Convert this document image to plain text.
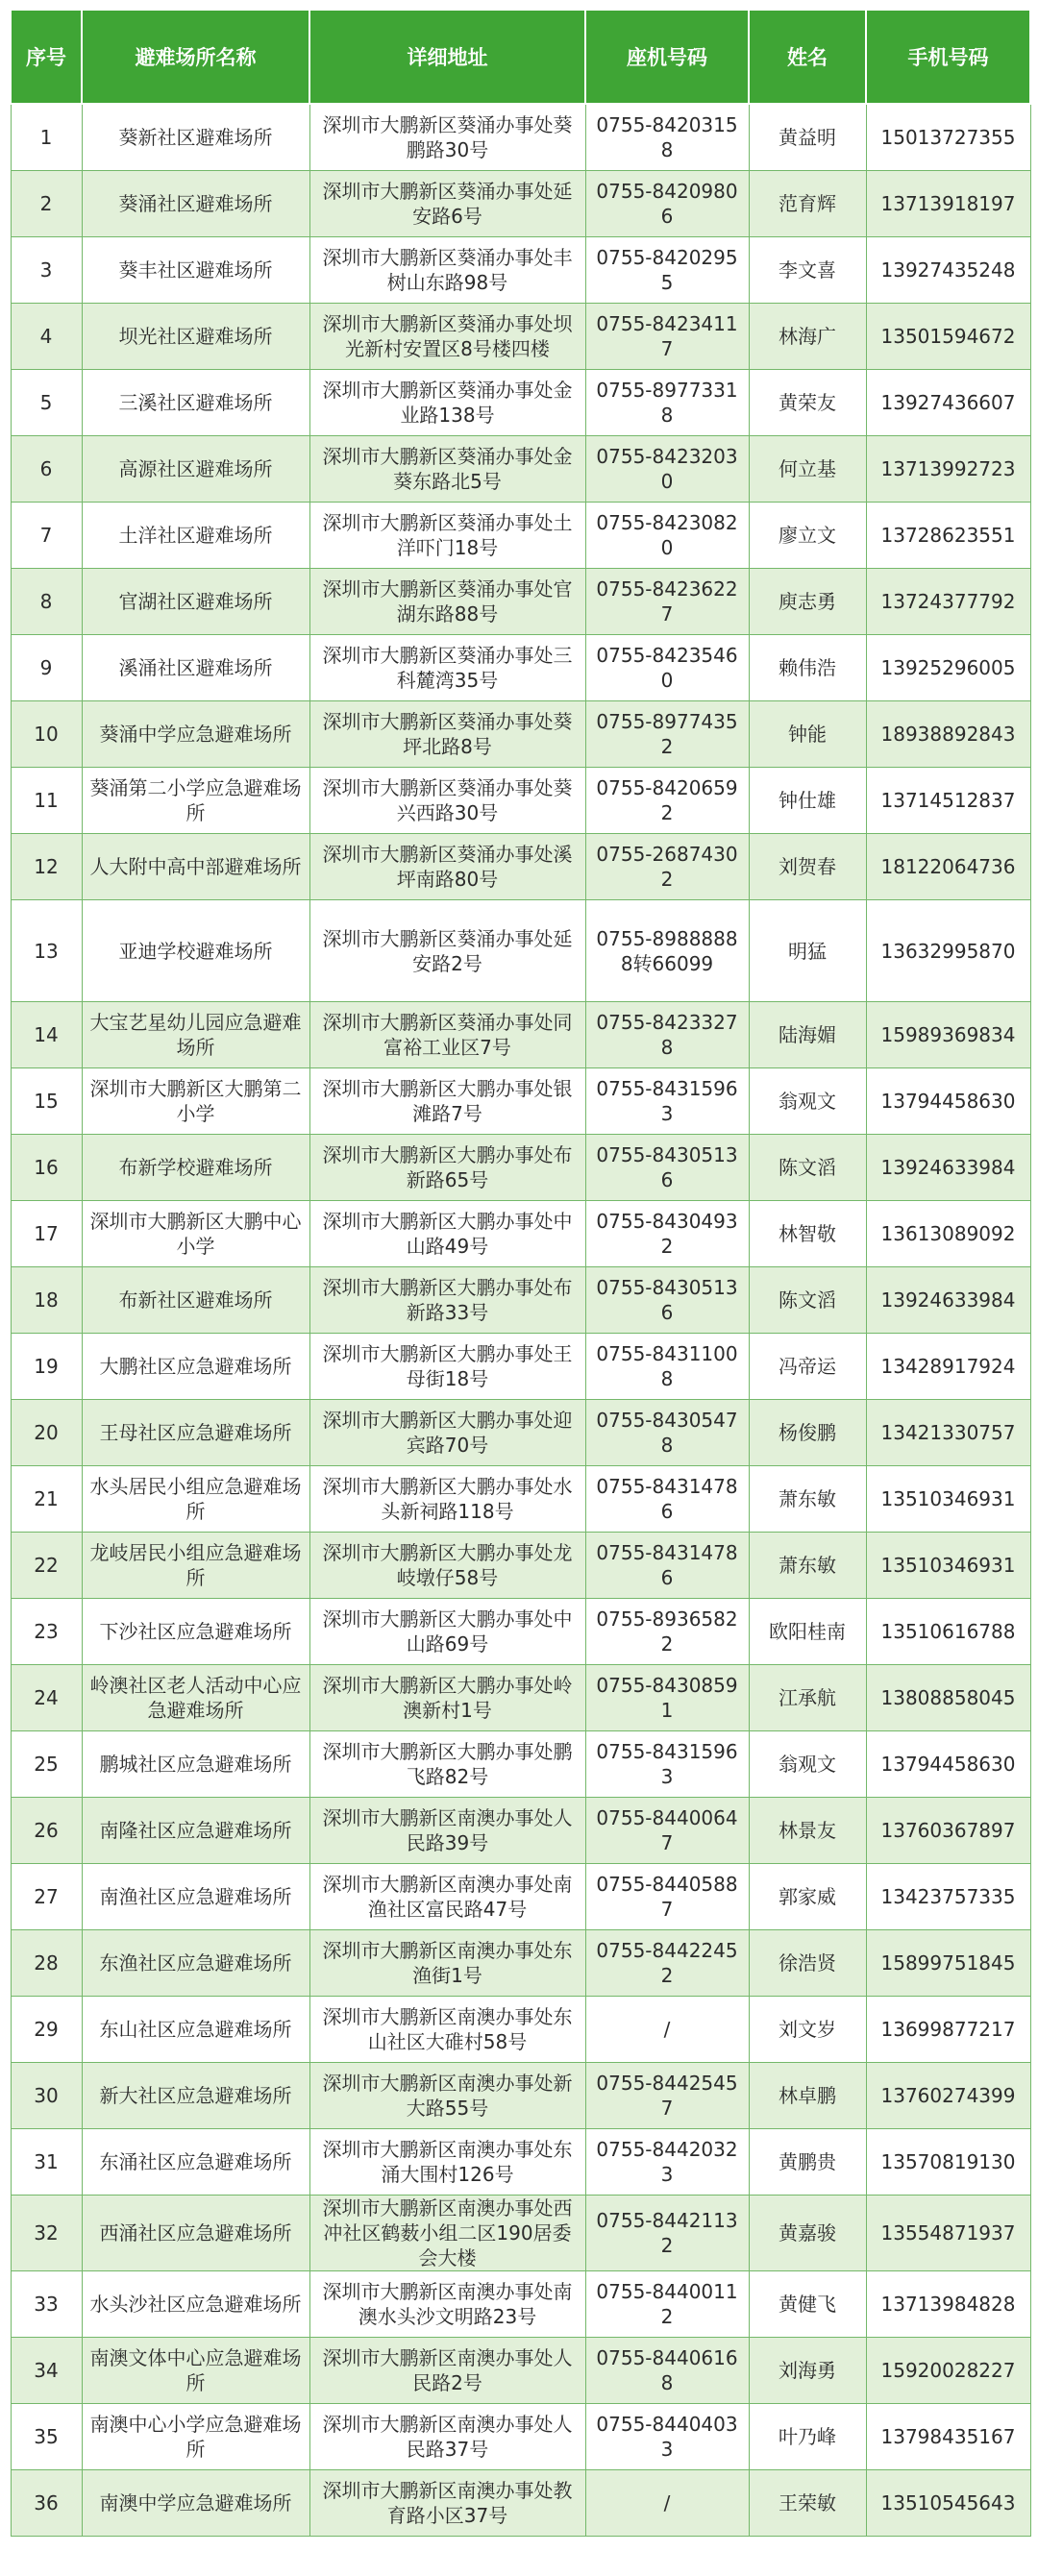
序号	避难场所名称	详细地址	座机号码	姓名	手机号码
1	葵新社区避难场所	深圳市大鹏新区葵涌办事处葵鹏路30号	0755-84203158	黄益明	15013727355
2	葵涌社区避难场所	深圳市大鹏新区葵涌办事处延安路6号	0755-84209806	范育辉	13713918197
3	葵丰社区避难场所	深圳市大鹏新区葵涌办事处丰树山东路98号	0755-84202955	李文喜	13927435248
4	坝光社区避难场所	深圳市大鹏新区葵涌办事处坝光新村安置区8号楼四楼	0755-84234117	林海广	13501594672
5	三溪社区避难场所	深圳市大鹏新区葵涌办事处金业路138号	0755-89773318	黄荣友	13927436607
6	高源社区避难场所	深圳市大鹏新区葵涌办事处金葵东路北5号	0755-84232030	何立基	13713992723
7	土洋社区避难场所	深圳市大鹏新区葵涌办事处土洋吓门18号	0755-84230820	廖立文	13728623551
8	官湖社区避难场所	深圳市大鹏新区葵涌办事处官湖东路88号	0755-84236227	庾志勇	13724377792
9	溪涌社区避难场所	深圳市大鹏新区葵涌办事处三科麓湾35号	0755-84235460	赖伟浩	13925296005
10	葵涌中学应急避难场所	深圳市大鹏新区葵涌办事处葵坪北路8号	0755-89774352	钟能	18938892843
11	葵涌第二小学应急避难场所	深圳市大鹏新区葵涌办事处葵兴西路30号	0755-84206592	钟仕雄	13714512837
12	人大附中高中部避难场所	深圳市大鹏新区葵涌办事处溪坪南路80号	0755-26874302	刘贺春	18122064736
13	亚迪学校避难场所	深圳市大鹏新区葵涌办事处延安路2号	0755-89888888转66099	明猛	13632995870
14	大宝艺星幼儿园应急避难场所	深圳市大鹏新区葵涌办事处同富裕工业区7号	0755-84233278	陆海媚	15989369834
15	深圳市大鹏新区大鹏第二小学	深圳市大鹏新区大鹏办事处银滩路7号	0755-84315963	翁观文	13794458630
16	布新学校避难场所	深圳市大鹏新区大鹏办事处布新路65号	0755-84305136	陈文滔	13924633984
17	深圳市大鹏新区大鹏中心小学	深圳市大鹏新区大鹏办事处中山路49号	0755-84304932	林智敬	13613089092
18	布新社区避难场所	深圳市大鹏新区大鹏办事处布新路33号	0755-84305136	陈文滔	13924633984
19	大鹏社区应急避难场所	深圳市大鹏新区大鹏办事处王母街18号	0755-84311008	冯帝运	13428917924
20	王母社区应急避难场所	深圳市大鹏新区大鹏办事处迎宾路70号	0755-84305478	杨俊鹏	13421330757
21	水头居民小组应急避难场所	深圳市大鹏新区大鹏办事处水头新祠路118号	0755-84314786	萧东敏	13510346931
22	龙岐居民小组应急避难场所	深圳市大鹏新区大鹏办事处龙岐墩仔58号	0755-84314786	萧东敏	13510346931
23	下沙社区应急避难场所	深圳市大鹏新区大鹏办事处中山路69号	0755-89365822	欧阳桂南	13510616788
24	岭澳社区老人活动中心应急避难场所	深圳市大鹏新区大鹏办事处岭澳新村1号	0755-84308591	江承航	13808858045
25	鹏城社区应急避难场所	深圳市大鹏新区大鹏办事处鹏飞路82号	0755-84315963	翁观文	13794458630
26	南隆社区应急避难场所	深圳市大鹏新区南澳办事处人民路39号	0755-84400647	林景友	13760367897
27	南渔社区应急避难场所	深圳市大鹏新区南澳办事处南渔社区富民路47号	0755-84405887	郭家威	13423757335
28	东渔社区应急避难场所	深圳市大鹏新区南澳办事处东渔街1号	0755-84422452	徐浩贤	15899751845
29	东山社区应急避难场所	深圳市大鹏新区南澳办事处东山社区大碓村58号	/	刘文岁	13699877217
30	新大社区应急避难场所	深圳市大鹏新区南澳办事处新大路55号	0755-84425457	林卓鹏	13760274399
31	东涌社区应急避难场所	深圳市大鹏新区南澳办事处东涌大围村126号	0755-84420323	黄鹏贵	13570819130
32	西涌社区应急避难场所	深圳市大鹏新区南澳办事处西冲社区鹤薮小组二区190居委会大楼	0755-84421132	黄嘉骏	13554871937
33	水头沙社区应急避难场所	深圳市大鹏新区南澳办事处南澳水头沙文明路23号	0755-84400112	黄健飞	13713984828
34	南澳文体中心应急避难场所	深圳市大鹏新区南澳办事处人民路2号	0755-84406168	刘海勇	15920028227
35	南澳中心小学应急避难场所	深圳市大鹏新区南澳办事处人民路37号	0755-84404033	叶乃峰	13798435167
36	南澳中学应急避难场所	深圳市大鹏新区南澳办事处教育路小区37号	/	王荣敏	13510545643
